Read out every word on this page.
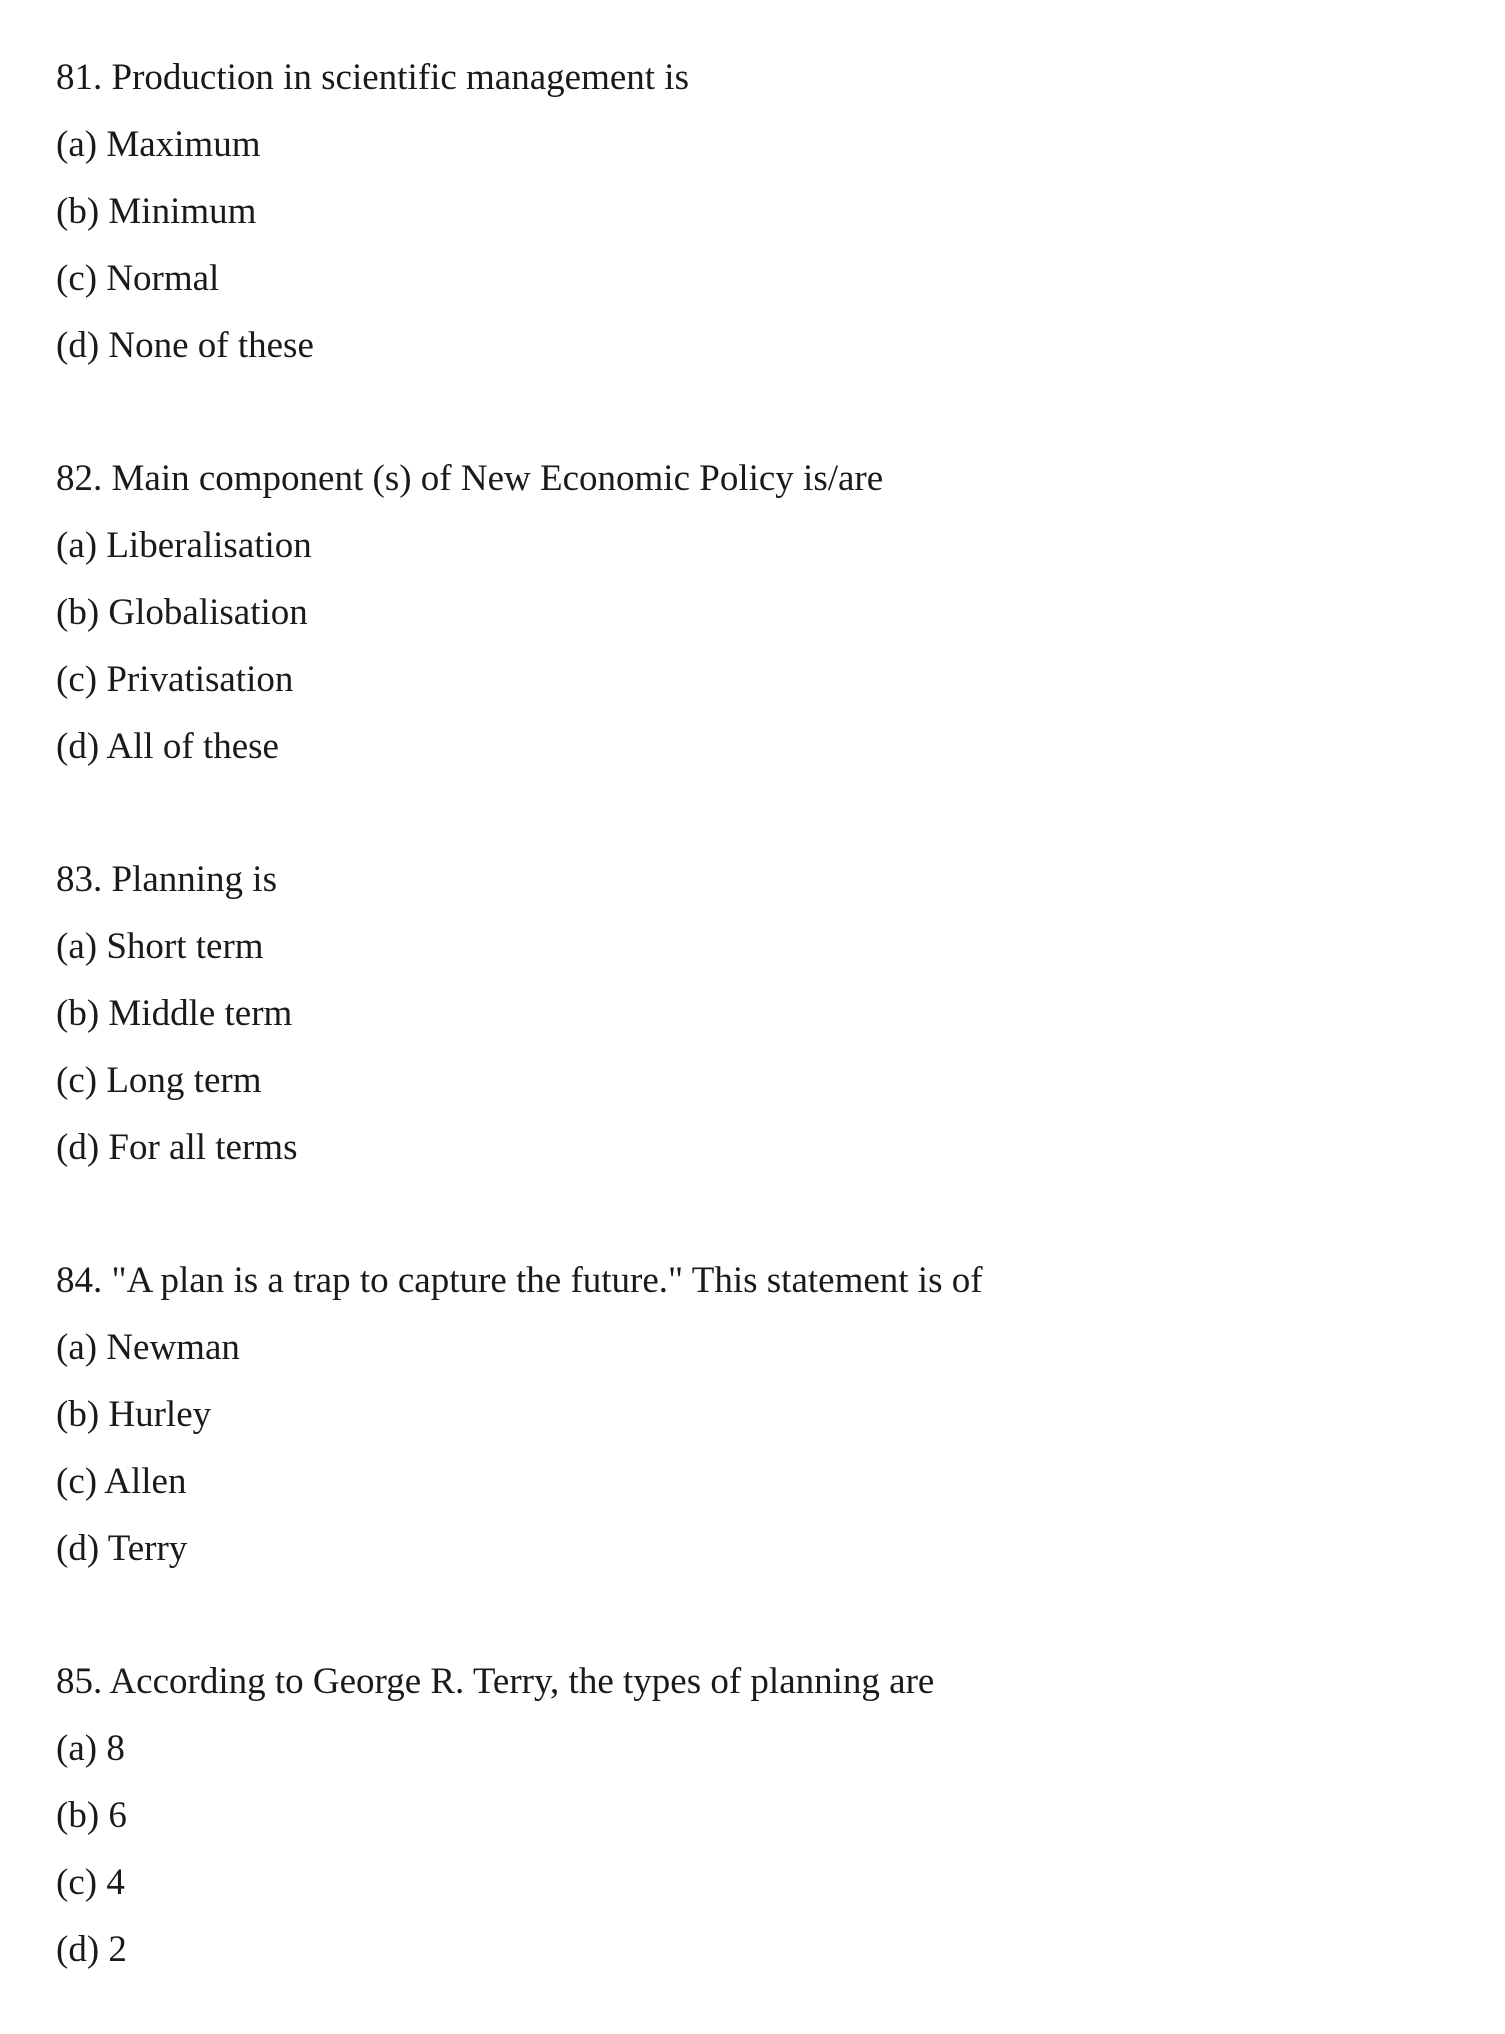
81. Production in scientific management is
(a) Maximum
(b) Minimum
(c) Normal
(d) None of these
82. Main component (s) of New Economic Policy is/are
(a) Liberalisation
(b) Globalisation
(c) Privatisation
(d) All of these
83. Planning is
(a) Short term
(b) Middle term
(c) Long term
(d) For all terms
84. "A plan is a trap to capture the future." This statement is of
(a) Newman
(b) Hurley
(c) Allen
(d) Terry
85. According to George R. Terry, the types of planning are
(a) 8
(b) 6
(c) 4
(d) 2
